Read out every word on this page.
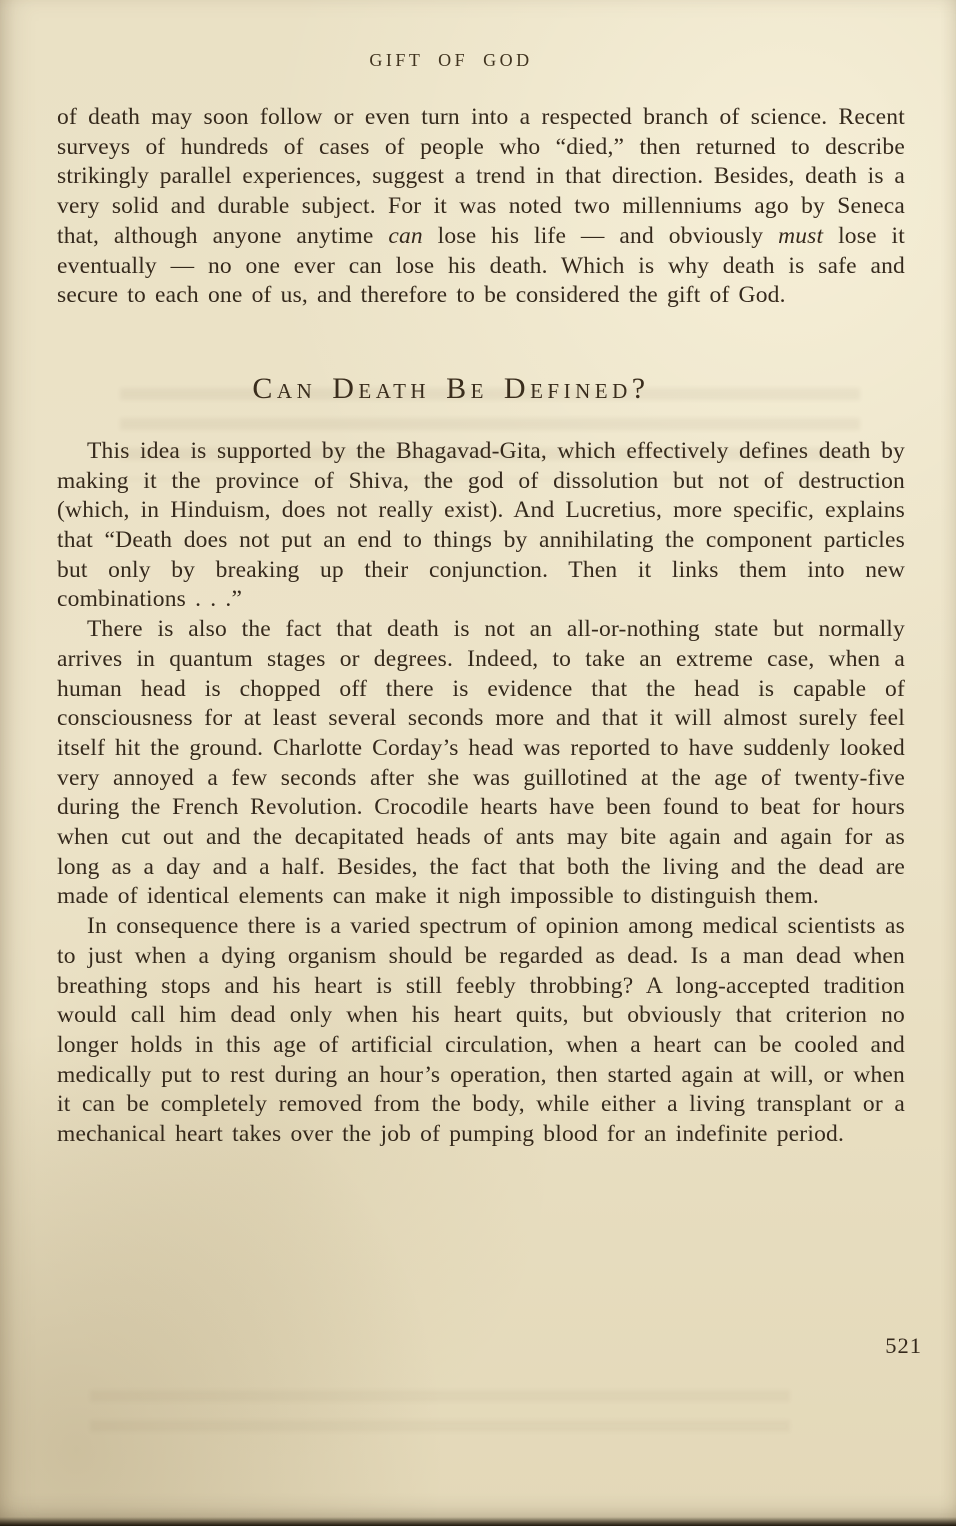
GIFT OF GOD

of death may soon follow or even turn into a respected branch of science. Recent surveys of hundreds of cases of people who “died,” then returned to describe strikingly parallel experiences, suggest a trend in that direction. Besides, death is a very solid and durable subject. For it was noted two millenniums ago by Seneca that, although anyone anytime can lose his life — and obviously must lose it eventually — no one ever can lose his death. Which is why death is safe and secure to each one of us, and therefore to be considered the gift of God.

Can Death Be Defined?

This idea is supported by the Bhagavad-Gita, which effectively defines death by making it the province of Shiva, the god of dissolution but not of destruction (which, in Hinduism, does not really exist). And Lucretius, more specific, explains that “Death does not put an end to things by annihilating the component particles but only by breaking up their conjunction. Then it links them into new combinations . . .”

There is also the fact that death is not an all-or-nothing state but normally arrives in quantum stages or degrees. Indeed, to take an extreme case, when a human head is chopped off there is evidence that the head is capable of consciousness for at least several seconds more and that it will almost surely feel itself hit the ground. Charlotte Corday’s head was reported to have suddenly looked very annoyed a few seconds after she was guillotined at the age of twenty-five during the French Revolution. Crocodile hearts have been found to beat for hours when cut out and the decapitated heads of ants may bite again and again for as long as a day and a half. Besides, the fact that both the living and the dead are made of identical elements can make it nigh impossible to distinguish them.

In consequence there is a varied spectrum of opinion among medical scientists as to just when a dying organism should be regarded as dead. Is a man dead when breathing stops and his heart is still feebly throbbing? A long-accepted tradition would call him dead only when his heart quits, but obviously that criterion no longer holds in this age of artificial circulation, when a heart can be cooled and medically put to rest during an hour’s operation, then started again at will, or when it can be completely removed from the body, while either a living transplant or a mechanical heart takes over the job of pumping blood for an indefinite period.

521
